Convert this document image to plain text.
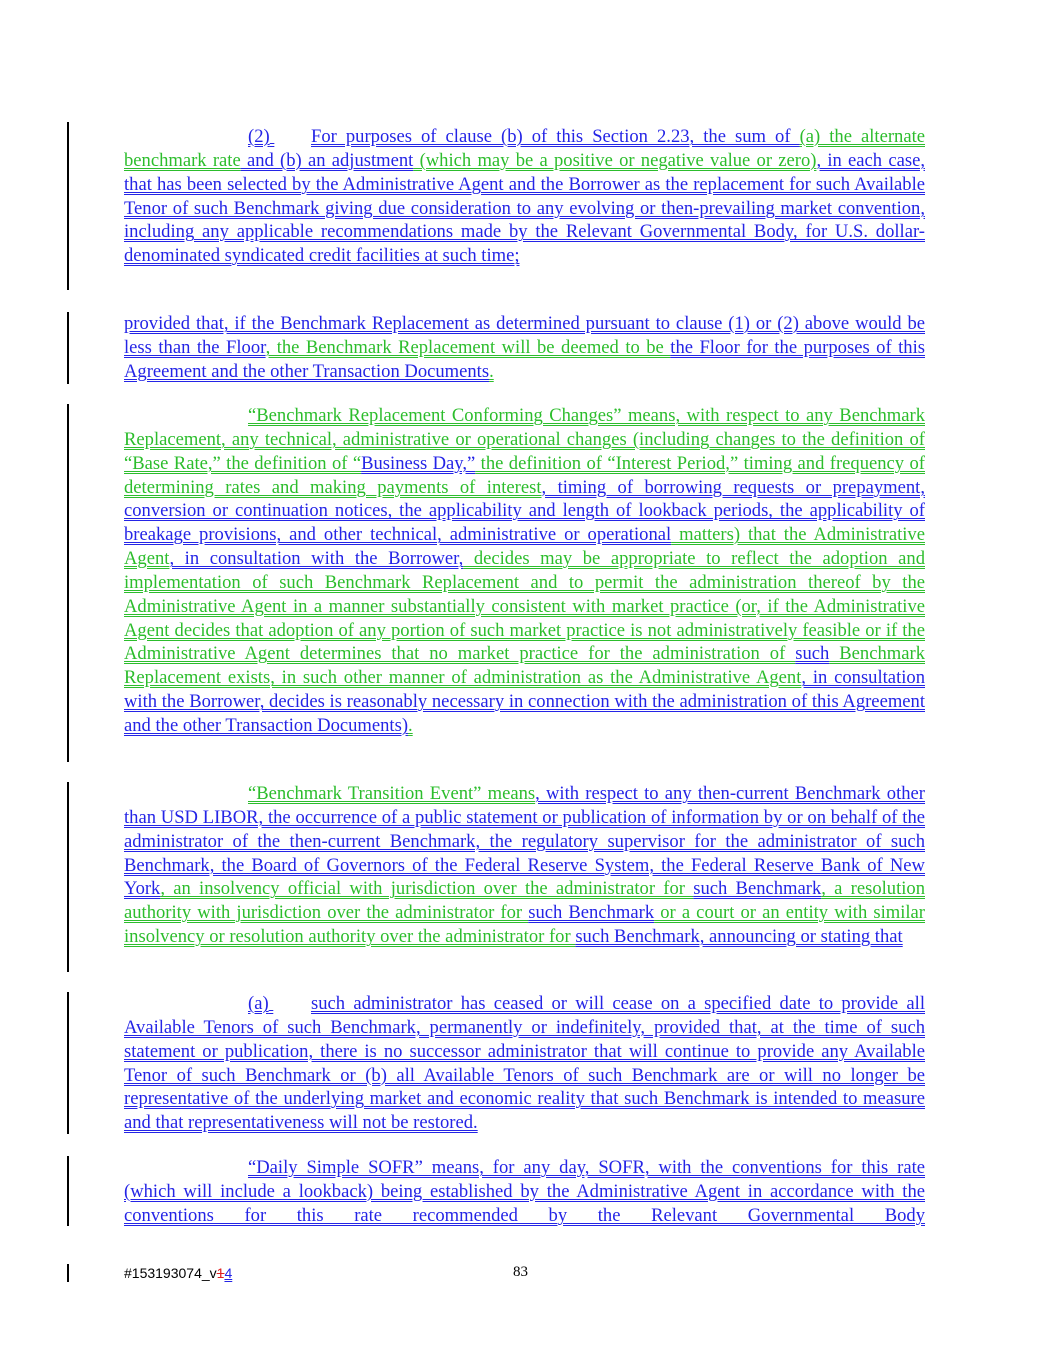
(2) For purposes of clause (b) of this Section 2.23, the sum of (a) the alternate benchmark rate and (b) an adjustment (which may be a positive or negative value or zero), in each case, that has been selected by the Administrative Agent and the Borrower as the replacement for such Available Tenor of such Benchmark giving due consideration to any evolving or then-prevailing market convention, including any applicable recommendations made by the Relevant Governmental Body, for U.S. dollar-denominated syndicated credit facilities at such time;
provided that, if the Benchmark Replacement as determined pursuant to clause (1) or (2) above would be less than the Floor, the Benchmark Replacement will be deemed to be the Floor for the purposes of this Agreement and the other Transaction Documents.
“Benchmark Replacement Conforming Changes” means, with respect to any Benchmark Replacement, any technical, administrative or operational changes (including changes to the definition of “Base Rate,” the definition of “Business Day,” the definition of “Interest Period,” timing and frequency of determining rates and making payments of interest, timing of borrowing requests or prepayment, conversion or continuation notices, the applicability and length of lookback periods, the applicability of breakage provisions, and other technical, administrative or operational matters) that the Administrative Agent, in consultation with the Borrower, decides may be appropriate to reflect the adoption and implementation of such Benchmark Replacement and to permit the administration thereof by the Administrative Agent in a manner substantially consistent with market practice (or, if the Administrative Agent decides that adoption of any portion of such market practice is not administratively feasible or if the Administrative Agent determines that no market practice for the administration of such Benchmark Replacement exists, in such other manner of administration as the Administrative Agent, in consultation with the Borrower, decides is reasonably necessary in connection with the administration of this Agreement and the other Transaction Documents).
“Benchmark Transition Event” means, with respect to any then-current Benchmark other than USD LIBOR, the occurrence of a public statement or publication of information by or on behalf of the administrator of the then-current Benchmark, the regulatory supervisor for the administrator of such Benchmark, the Board of Governors of the Federal Reserve System, the Federal Reserve Bank of New York, an insolvency official with jurisdiction over the administrator for such Benchmark, a resolution authority with jurisdiction over the administrator for such Benchmark or a court or an entity with similar insolvency or resolution authority over the administrator for such Benchmark, announcing or stating that
(a) such administrator has ceased or will cease on a specified date to provide all Available Tenors of such Benchmark, permanently or indefinitely, provided that, at the time of such statement or publication, there is no successor administrator that will continue to provide any Available Tenor of such Benchmark or (b) all Available Tenors of such Benchmark are or will no longer be representative of the underlying market and economic reality that such Benchmark is intended to measure and that representativeness will not be restored.
“Daily Simple SOFR” means, for any day, SOFR, with the conventions for this rate (which will include a lookback) being established by the Administrative Agent in accordance with the conventions for this rate recommended by the Relevant Governmental Body
#153193074_v14	83
